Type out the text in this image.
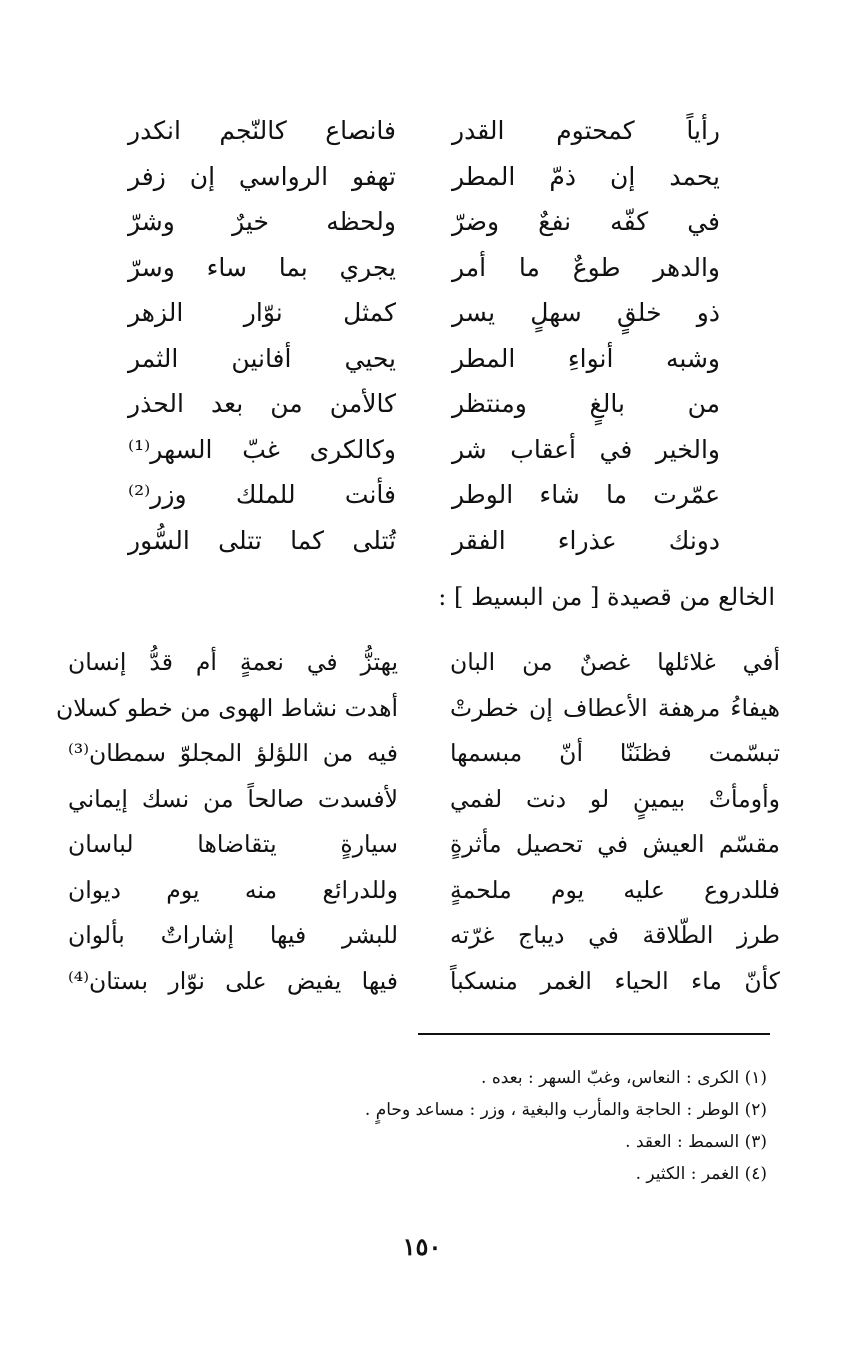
رأياً كمحتوم القدر
فانصاع كالنّجم انكدر
يحمد إن ذمّ المطر
تهفو الرواسي إن زفر
في كفّه نفعٌ وضرّ
ولحظه خيرٌ وشرّ
والدهر طوعٌ ما أمر
يجري بما ساء وسرّ
ذو خلقٍ سهلٍ يسر
كمثل نوّار الزهر
وشبه أنواءِ المطر
يحيي أفانين الثمر
من بالغٍ ومنتظر
كالأمن من بعد الحذر
والخير في أعقاب شر
وكالكرى غبّ السهر⁽¹⁾
عمّرت ما شاء الوطر
فأنت للملك وزر⁽²⁾
دونك عذراء الفقر
تُتلى كما تتلى السُّور
الخالع من قصيدة [ من البسيط ] :
أفي غلائلها غصنٌ من البان
يهتزُّ في نعمةٍ أم قدُّ إنسان
هيفاءُ مرهفة الأعطاف إن خطرتْ
أهدت نشاط الهوى من خطو كسلان
تبسّمت فظنَنّا أنّ مبسمها
فيه من اللؤلؤ المجلوّ سمطان⁽³⁾
وأومأتْ بيمينٍ لو دنت لفمي
لأفسدت صالحاً من نسك إيماني
مقسّم العيش في تحصيل مأثرةٍ
سيارةٍ يتقاضاها لباسان
فللدروع عليه يوم ملحمةٍ
وللدرائع منه يوم ديوان
طرز الطّلاقة في ديباج غرّته
للبشر فيها إشاراتٌ بألوان
كأنّ ماء الحياء الغمر منسكباً
فيها يفيض على نوّار بستان⁽⁴⁾
(١) الكرى : النعاس، وغبّ السهر : بعده .
(٢) الوطر : الحاجة والمأرب والبغية ، وزر : مساعد وحامٍ .
(٣) السمط : العقد .
(٤) الغمر : الكثير .
١٥٠
